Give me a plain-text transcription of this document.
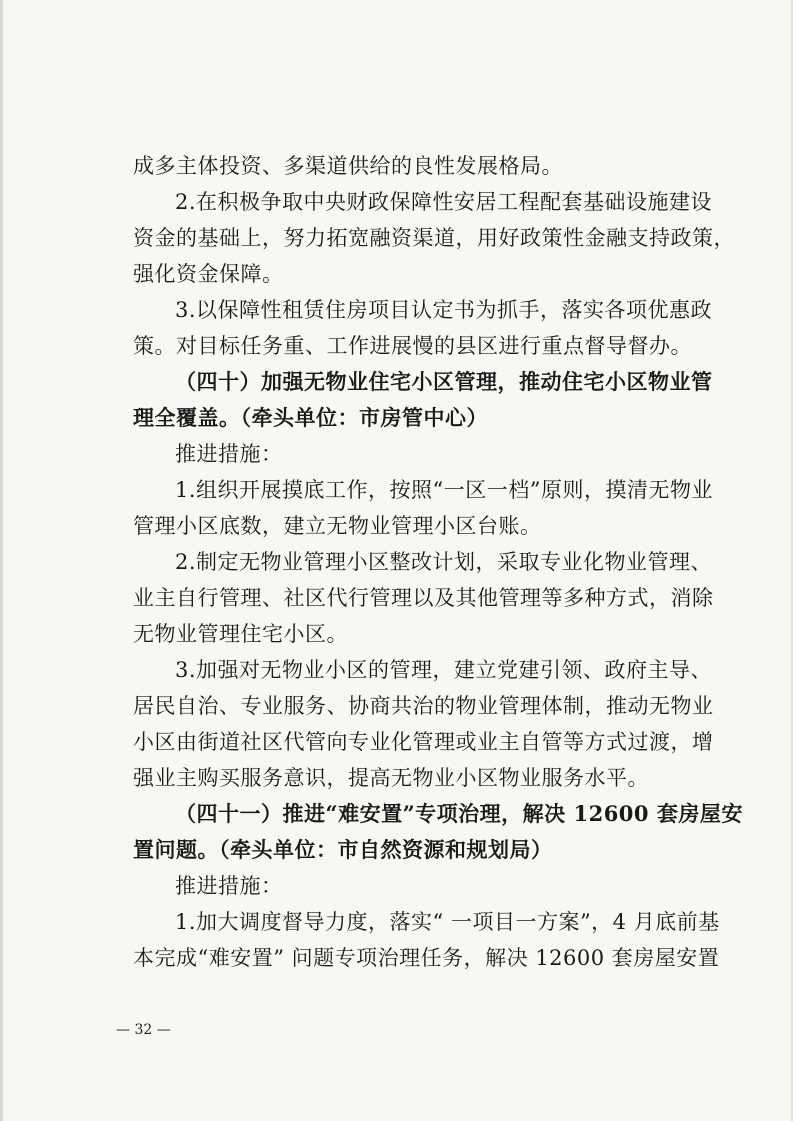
成多主体投资、多渠道供给的良性发展格局。
2.在积极争取中央财政保障性安居工程配套基础设施建设
资金的基础上，努力拓宽融资渠道，用好政策性金融支持政策，
强化资金保障。
3.以保障性租赁住房项目认定书为抓手，落实各项优惠政
策。对目标任务重、工作进展慢的县区进行重点督导督办。
（四十）加强无物业住宅小区管理，推动住宅小区物业管
理全覆盖。（牵头单位：市房管中心）
推进措施：
1.组织开展摸底工作，按照“一区一档”原则，摸清无物业
管理小区底数，建立无物业管理小区台账。
2.制定无物业管理小区整改计划，采取专业化物业管理、
业主自行管理、社区代行管理以及其他管理等多种方式，消除
无物业管理住宅小区。
3.加强对无物业小区的管理，建立党建引领、政府主导、
居民自治、专业服务、协商共治的物业管理体制，推动无物业
小区由街道社区代管向专业化管理或业主自管等方式过渡，增
强业主购买服务意识，提高无物业小区物业服务水平。
（四十一）推进“难安置”专项治理，解决 12600 套房屋安
置问题。（牵头单位：市自然资源和规划局）
推进措施：
1.加大调度督导力度，落实“ 一项目一方案”，4 月底前基
本完成“难安置” 问题专项治理任务，解决 12600 套房屋安置
— 32 —
